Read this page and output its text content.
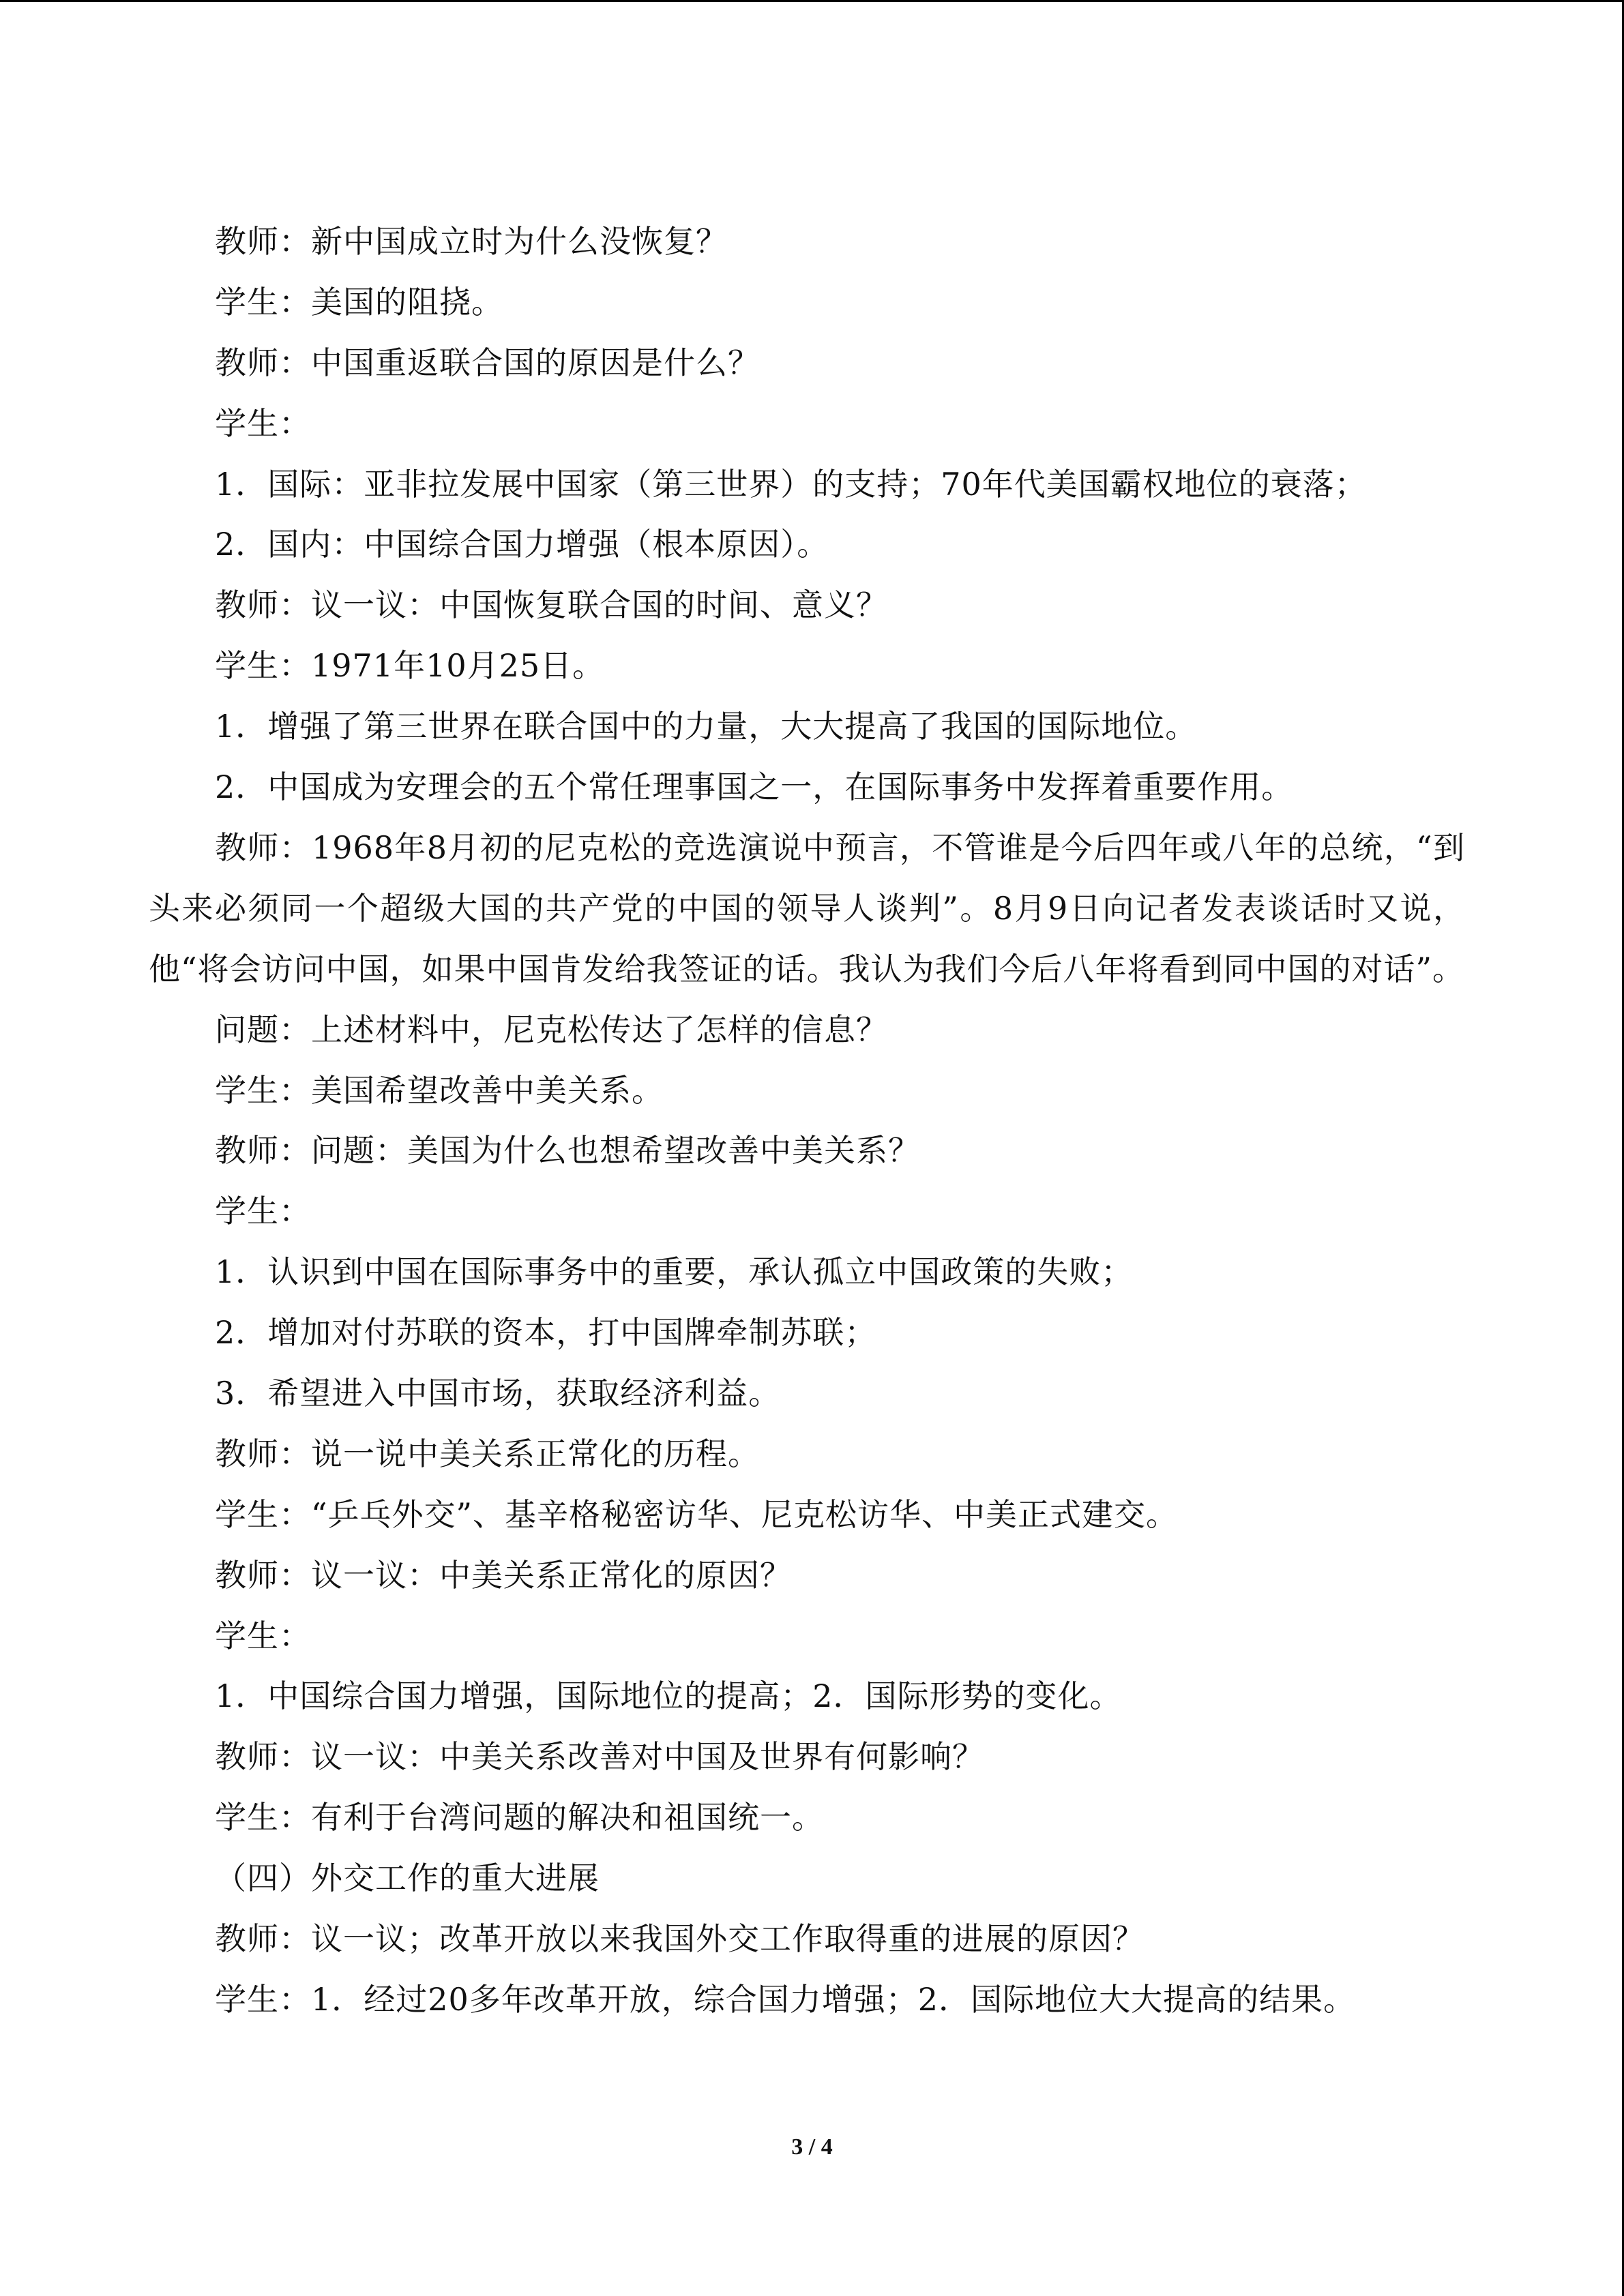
教师：新中国成立时为什么没恢复？

学生：美国的阻挠。

教师：中国重返联合国的原因是什么？

学生：

1．国际：亚非拉发展中国家（第三世界）的支持；70年代美国霸权地位的衰落；

2．国内：中国综合国力增强（根本原因）。

教师：议一议：中国恢复联合国的时间、意义？

学生：1971年10月25日。

1．增强了第三世界在联合国中的力量，大大提高了我国的国际地位。

2．中国成为安理会的五个常任理事国之一，在国际事务中发挥着重要作用。

教师：1968年8月初的尼克松的竞选演说中预言，不管谁是今后四年或八年的总统，“到头来必须同一个超级大国的共产党的中国的领导人谈判”。8月9日向记者发表谈话时又说，他“将会访问中国，如果中国肯发给我签证的话。我认为我们今后八年将看到同中国的对话”。

问题：上述材料中，尼克松传达了怎样的信息？

学生：美国希望改善中美关系。

教师：问题：美国为什么也想希望改善中美关系？

学生：

1．认识到中国在国际事务中的重要，承认孤立中国政策的失败；

2．增加对付苏联的资本，打中国牌牵制苏联；

3．希望进入中国市场，获取经济利益。

教师：说一说中美关系正常化的历程。

学生：“乒乓外交”、基辛格秘密访华、尼克松访华、中美正式建交。

教师：议一议：中美关系正常化的原因？

学生：

1．中国综合国力增强，国际地位的提高；2．国际形势的变化。

教师：议一议：中美关系改善对中国及世界有何影响？

学生：有利于台湾问题的解决和祖国统一。

（四）外交工作的重大进展

教师：议一议；改革开放以来我国外交工作取得重的进展的原因？

学生：1．经过20多年改革开放，综合国力增强；2．国际地位大大提高的结果。

3 / 4
